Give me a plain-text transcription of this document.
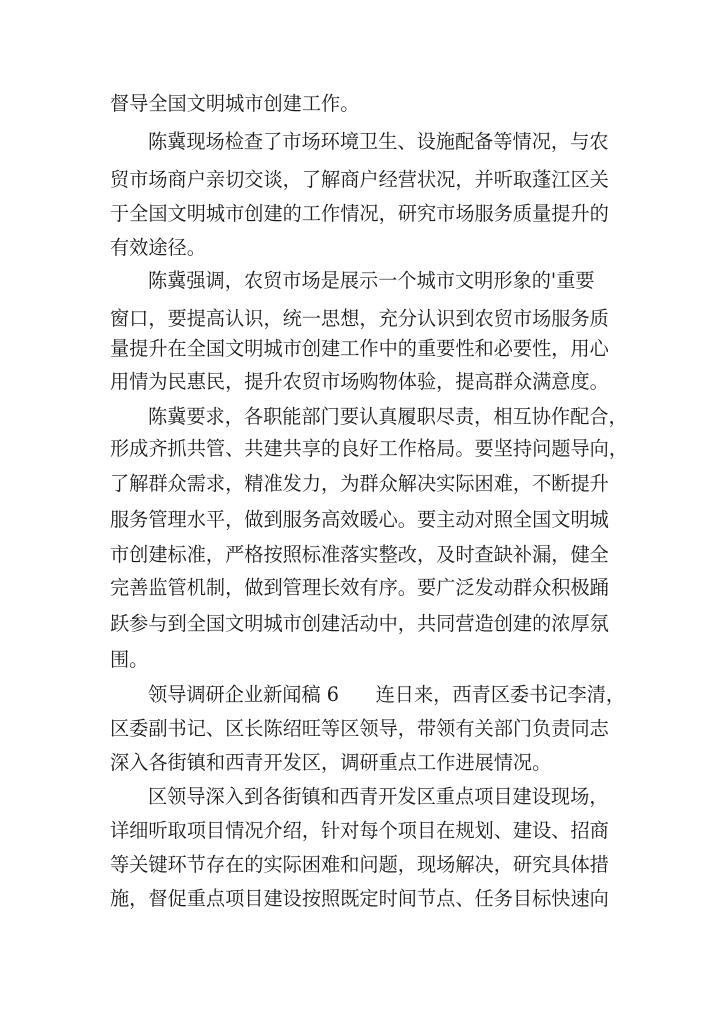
督导全国文明城市创建工作。
陈冀现场检查了市场环境卫生、设施配备等情况，与农
贸市场商户亲切交谈，了解商户经营状况，并听取蓬江区关
于全国文明城市创建的工作情况，研究市场服务质量提升的
有效途径。
陈冀强调，农贸市场是展示一个城市文明形象的'重要
窗口，要提高认识，统一思想，充分认识到农贸市场服务质
量提升在全国文明城市创建工作中的重要性和必要性，用心
用情为民惠民，提升农贸市场购物体验，提高群众满意度。
陈冀要求，各职能部门要认真履职尽责，相互协作配合，
形成齐抓共管、共建共享的良好工作格局。要坚持问题导向，
了解群众需求，精准发力，为群众解决实际困难，不断提升
服务管理水平，做到服务高效暖心。要主动对照全国文明城
市创建标准，严格按照标准落实整改，及时查缺补漏，健全
完善监管机制，做到管理长效有序。要广泛发动群众积极踊
跃参与到全国文明城市创建活动中，共同营造创建的浓厚氛
围。
领导调研企业新闻稿 6      连日来，西青区委书记李清，
区委副书记、区长陈绍旺等区领导，带领有关部门负责同志
深入各街镇和西青开发区，调研重点工作进展情况。
区领导深入到各街镇和西青开发区重点项目建设现场，
详细听取项目情况介绍，针对每个项目在规划、建设、招商
等关键环节存在的实际困难和问题，现场解决，研究具体措
施，督促重点项目建设按照既定时间节点、任务目标快速向
